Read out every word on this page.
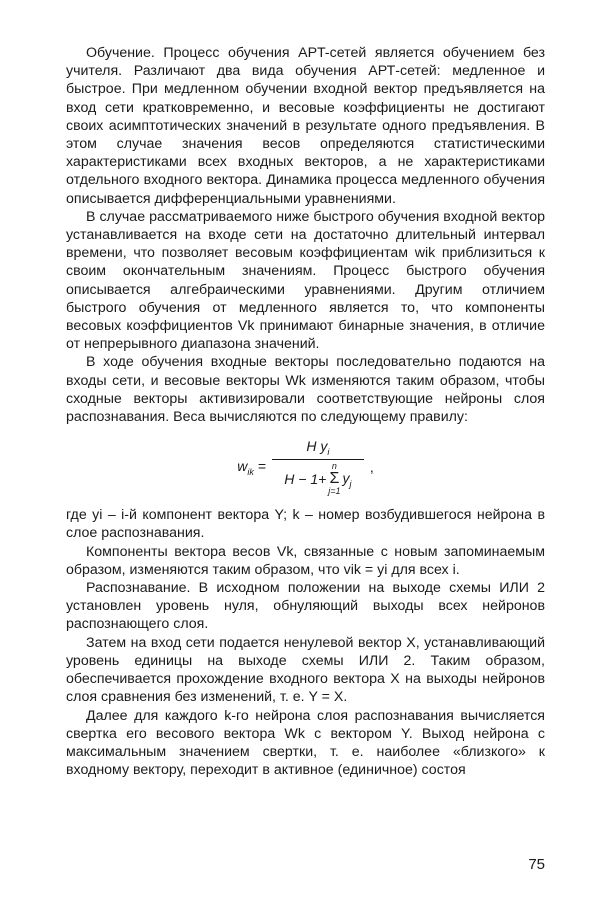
Обучение. Процесс обучения APT-сетей является обучением без учителя. Различают два вида обучения АРТ-сетей: медленное и быстрое. При медленном обучении входной вектор предъявляется на вход сети кратковременно, и весовые коэффициенты не достигают своих асимптотических значений в результате одного предъявления. В этом случае значения весов определяются статистическими характеристиками всех входных векторов, а не характеристиками отдельного входного вектора. Динамика процесса медленного обучения описывается дифференциальными уравнениями.

В случае рассматриваемого ниже быстрого обучения входной вектор устанавливается на входе сети на достаточно длительный интервал времени, что позволяет весовым коэффициентам wik приблизиться к своим окончательным значениям. Процесс быстрого обучения описывается алгебраическими уравнениями. Другим отличием быстрого обучения от медленного является то, что компоненты весовых коэффициентов Vk принимают бинарные значения, в отличие от непрерывного диапазона значений.

В ходе обучения входные векторы последовательно подаются на входы сети, и весовые векторы Wk изменяются таким образом, чтобы сходные векторы активизировали соответствующие нейроны слоя распознавания. Веса вычисляются по следующему правилу:

$w_{ik}$ =
H $y_i$
H − 1+
n
Σ
j=1
$y_j$
,

где yi – i-й компонент вектора Y; k – номер возбудившегося нейрона в слое распознавания.

Компоненты вектора весов Vk, связанные с новым запоминаемым образом, изменяются таким образом, что vik = yi для всех i.

Распознавание. В исходном положении на выходе схемы ИЛИ 2 установлен уровень нуля, обнуляющий выходы всех нейронов распознающего слоя.

Затем на вход сети подается ненулевой вектор X, устанавливающий уровень единицы на выходе схемы ИЛИ 2. Таким образом, обеспечивается прохождение входного вектора X на выходы нейронов слоя сравнения без изменений, т. е. Y = X.

Далее для каждого k-го нейрона слоя распознавания вычисляется свертка его весового вектора Wk с вектором Y. Выход нейрона с максимальным значением свертки, т. е. наиболее «близкого» к входному вектору, переходит в активное (единичное) состоя

75
